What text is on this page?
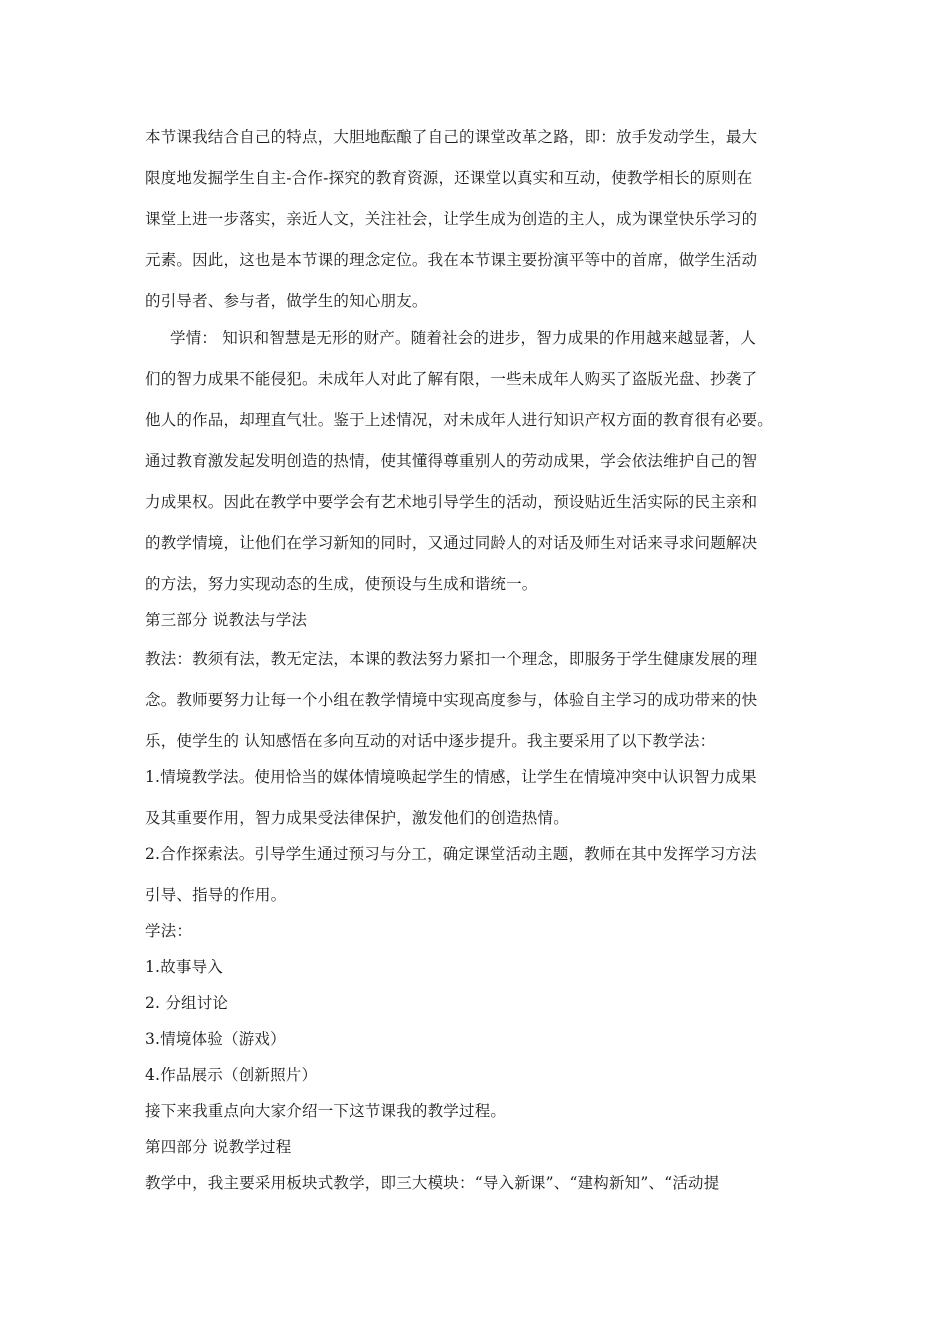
本节课我结合自己的特点，大胆地酝酿了自己的课堂改革之路，即：放手发动学生，最大
限度地发掘学生自主-合作-探究的教育资源，还课堂以真实和互动，使教学相长的原则在
课堂上进一步落实，亲近人文，关注社会，让学生成为创造的主人，成为课堂快乐学习的
元素。因此，这也是本节课的理念定位。我在本节课主要扮演平等中的首席，做学生活动
的引导者、参与者，做学生的知心朋友。
学情： 知识和智慧是无形的财产。随着社会的进步，智力成果的作用越来越显著，人
们的智力成果不能侵犯。未成年人对此了解有限，一些未成年人购买了盗版光盘、抄袭了
他人的作品，却理直气壮。鉴于上述情况，对未成年人进行知识产权方面的教育很有必要。
通过教育激发起发明创造的热情，使其懂得尊重别人的劳动成果，学会依法维护自己的智
力成果权。因此在教学中要学会有艺术地引导学生的活动，预设贴近生活实际的民主亲和
的教学情境，让他们在学习新知的同时，又通过同龄人的对话及师生对话来寻求问题解决
的方法，努力实现动态的生成，使预设与生成和谐统一。
第三部分 说教法与学法
教法：教须有法，教无定法，本课的教法努力紧扣一个理念，即服务于学生健康发展的理
念。教师要努力让每一个小组在教学情境中实现高度参与，体验自主学习的成功带来的快
乐，使学生的 认知感悟在多向互动的对话中逐步提升。我主要采用了以下教学法：
1.情境教学法。使用恰当的媒体情境唤起学生的情感，让学生在情境冲突中认识智力成果
及其重要作用，智力成果受法律保护，激发他们的创造热情。
2.合作探索法。引导学生通过预习与分工，确定课堂活动主题，教师在其中发挥学习方法
引导、指导的作用。
学法：
1.故事导入
2. 分组讨论
3.情境体验（游戏）
4.作品展示（创新照片）
接下来我重点向大家介绍一下这节课我的教学过程。
第四部分 说教学过程
教学中，我主要采用板块式教学，即三大模块：“导入新课”、“建构新知”、“活动提
